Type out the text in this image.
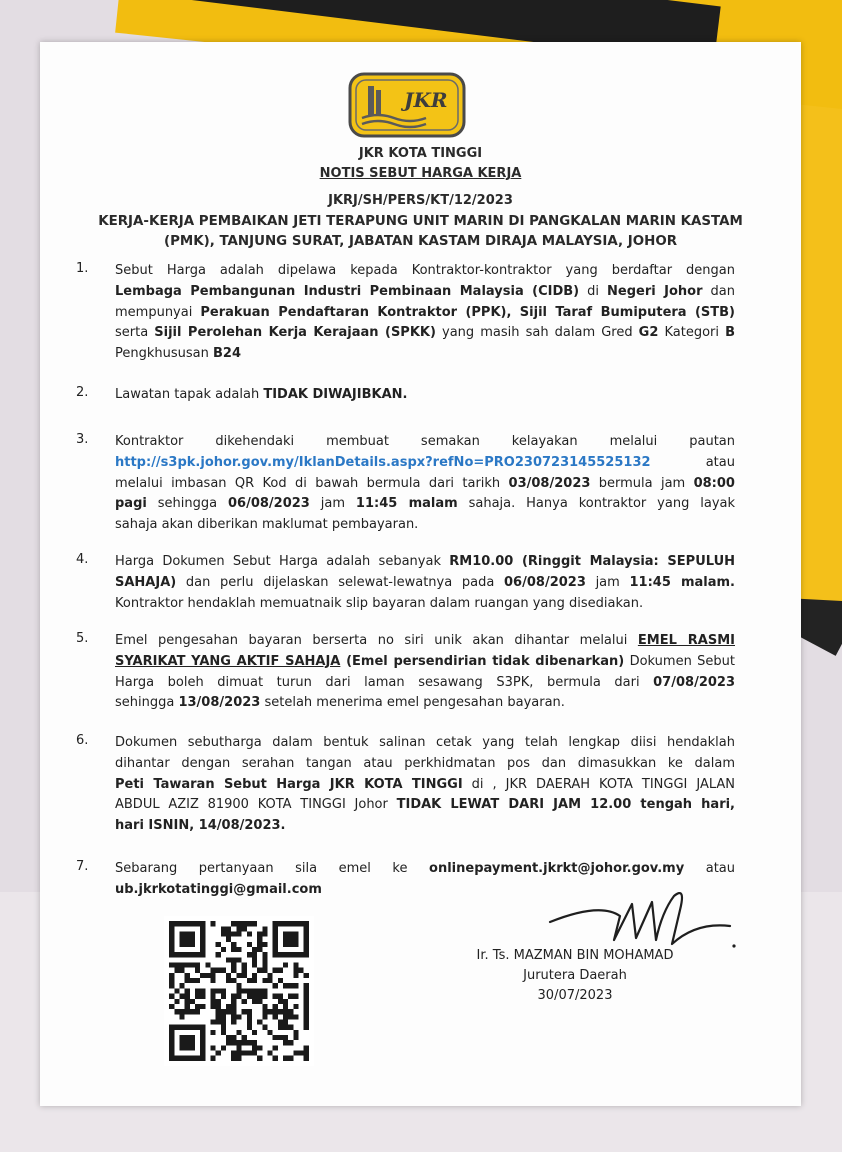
JKR
JKR KOTA TINGGI
NOTIS SEBUT HARGA KERJA
JKRJ/SH/PERS/KT/12/2023
KERJA-KERJA PEMBAIKAN JETI TERAPUNG UNIT MARIN DI PANGKALAN MARIN KASTAM
(PMK), TANJUNG SURAT, JABATAN KASTAM DIRAJA MALAYSIA, JOHOR
1. Sebut Harga adalah dipelawa kepada Kontraktor-kontraktor yang berdaftar dengan
Lembaga Pembangunan Industri Pembinaan Malaysia (CIDB) di Negeri Johor dan
mempunyai Perakuan Pendaftaran Kontraktor (PPK), Sijil Taraf Bumiputera (STB)
serta Sijil Perolehan Kerja Kerajaan (SPKK) yang masih sah dalam Gred G2 Kategori B
Pengkhususan B24
2. Lawatan tapak adalah TIDAK DIWAJIBKAN.
3. Kontraktor dikehendaki membuat semakan kelayakan melalui pautan
http://s3pk.johor.gov.my/IklanDetails.aspx?refNo=PRO230723145525132	atau
melalui imbasan QR Kod di bawah bermula dari tarikh 03/08/2023 bermula jam 08:00
pagi sehingga 06/08/2023 jam 11:45 malam sahaja. Hanya kontraktor yang layak
sahaja akan diberikan maklumat pembayaran.
4. Harga Dokumen Sebut Harga adalah sebanyak RM10.00 (Ringgit Malaysia: SEPULUH
SAHAJA) dan perlu dijelaskan selewat-lewatnya pada 06/08/2023 jam 11:45 malam.
Kontraktor hendaklah memuatnaik slip bayaran dalam ruangan yang disediakan.
5. Emel pengesahan bayaran berserta no siri unik akan dihantar melalui EMEL RASMI
SYARIKAT YANG AKTIF SAHAJA (Emel persendirian tidak dibenarkan) Dokumen Sebut
Harga boleh dimuat turun dari laman sesawang S3PK, bermula dari 07/08/2023
sehingga 13/08/2023 setelah menerima emel pengesahan bayaran.
6. Dokumen sebutharga dalam bentuk salinan cetak yang telah lengkap diisi hendaklah
dihantar dengan serahan tangan atau perkhidmatan pos dan dimasukkan ke dalam
Peti Tawaran Sebut Harga JKR KOTA TINGGI di , JKR DAERAH KOTA TINGGI JALAN
ABDUL AZIZ 81900 KOTA TINGGI Johor TIDAK LEWAT DARI JAM 12.00 tengah hari,
hari ISNIN, 14/08/2023.
7. Sebarang pertanyaan sila emel ke onlinepayment.jkrkt@johor.gov.my atau
ub.jkrkotatinggi@gmail.com
Ir. Ts. MAZMAN BIN MOHAMAD
Jurutera Daerah
30/07/2023
